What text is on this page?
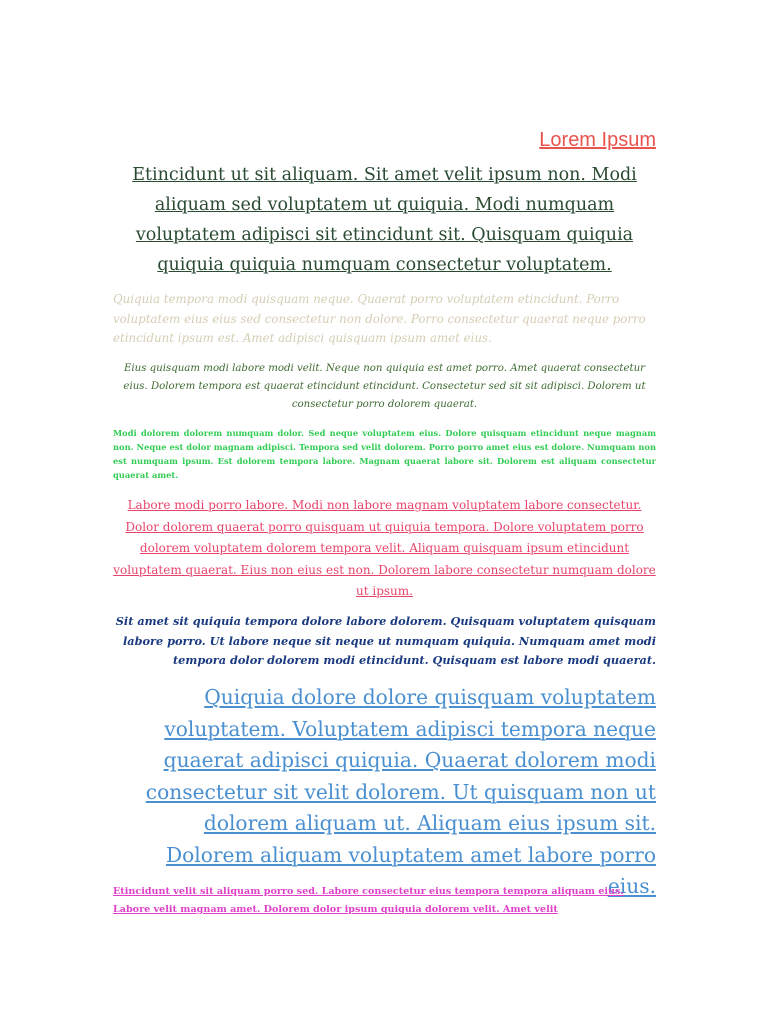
Lorem Ipsum

Etincidunt ut sit aliquam. Sit amet velit ipsum non. Modi aliquam sed voluptatem ut quiquia. Modi numquam voluptatem adipisci sit etincidunt sit. Quisquam quiquia quiquia quiquia numquam consectetur voluptatem.

Quiquia tempora modi quisquam neque. Quaerat porro voluptatem etincidunt. Porro voluptatem eius eius sed consectetur non dolore. Porro consectetur quaerat neque porro etincidunt ipsum est. Amet adipisci quisquam ipsum amet eius.

Eius quisquam modi labore modi velit. Neque non quiquia est amet porro. Amet quaerat consectetur eius. Dolorem tempora est quaerat etincidunt etincidunt. Consectetur sed sit sit adipisci. Dolorem ut consectetur porro dolorem quaerat.

Modi dolorem dolorem numquam dolor. Sed neque voluptatem eius. Dolore quisquam etincidunt neque magnam non. Neque est dolor magnam adipisci. Tempora sed velit dolorem. Porro porro amet eius est dolore. Numquam non est numquam ipsum. Est dolorem tempora labore. Magnam quaerat labore sit. Dolorem est aliquam consectetur quaerat amet.

Labore modi porro labore. Modi non labore magnam voluptatem labore consectetur. Dolor dolorem quaerat porro quisquam ut quiquia tempora. Dolore voluptatem porro dolorem voluptatem dolorem tempora velit. Aliquam quisquam ipsum etincidunt voluptatem quaerat. Eius non eius est non. Dolorem labore consectetur numquam dolore ut ipsum.

Sit amet sit quiquia tempora dolore labore dolorem. Quisquam voluptatem quisquam labore porro. Ut labore neque sit neque ut numquam quiquia. Numquam amet modi tempora dolor dolorem modi etincidunt. Quisquam est labore modi quaerat.

Quiquia dolore dolore quisquam voluptatem voluptatem. Voluptatem adipisci tempora neque quaerat adipisci quiquia. Quaerat dolorem modi consectetur sit velit dolorem. Ut quisquam non ut dolorem aliquam ut. Aliquam eius ipsum sit. Dolorem aliquam voluptatem amet labore porro eius.

Etincidunt velit sit aliquam porro sed. Labore consectetur eius tempora tempora aliquam eius. Labore velit magnam amet. Dolorem dolor ipsum quiquia dolorem velit. Amet velit
